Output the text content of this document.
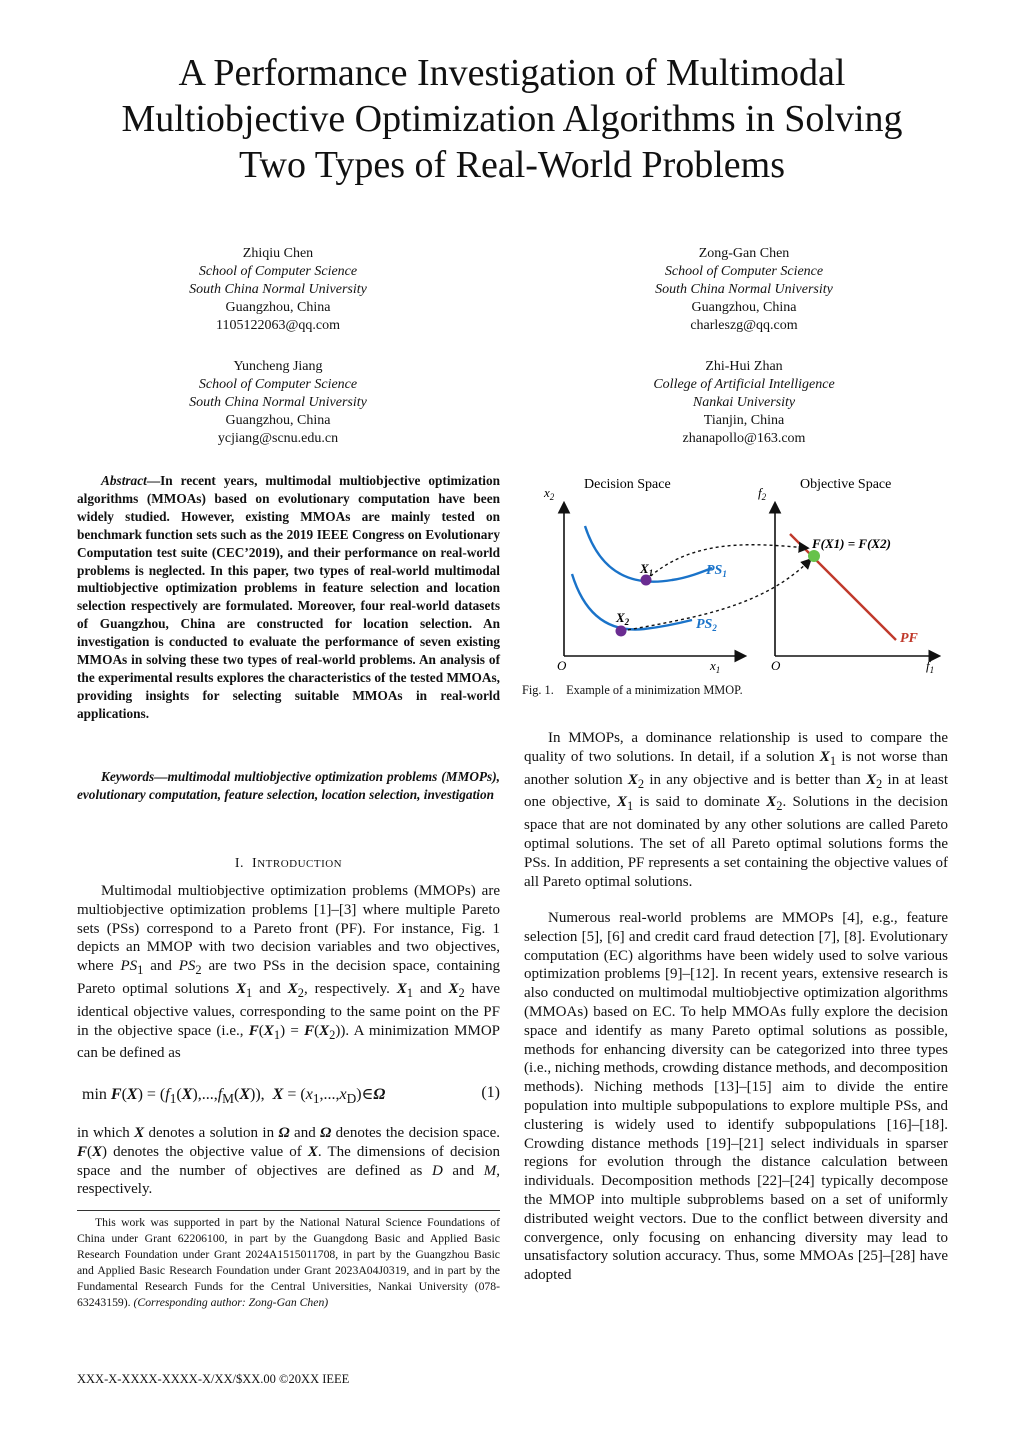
A Performance Investigation of Multimodal
Multiobjective Optimization Algorithms in Solving
Two Types of Real-World Problems
Zhiqiu Chen
School of Computer Science
South China Normal University
Guangzhou, China
1105122063@qq.com
Zong-Gan Chen
School of Computer Science
South China Normal University
Guangzhou, China
charleszg@qq.com
Yuncheng Jiang
School of Computer Science
South China Normal University
Guangzhou, China
ycjiang@scnu.edu.cn
Zhi-Hui Zhan
College of Artificial Intelligence
Nankai University
Tianjin, China
zhanapollo@163.com
Abstract—In recent years, multimodal multiobjective optimization algorithms (MMOAs) based on evolutionary computation have been widely studied. However, existing MMOAs are mainly tested on benchmark function sets such as the 2019 IEEE Congress on Evolutionary Computation test suite (CEC’2019), and their performance on real-world problems is neglected. In this paper, two types of real-world multimodal multiobjective optimization problems in feature selection and location selection respectively are formulated. Moreover, four real-world datasets of Guangzhou, China are constructed for location selection. An investigation is conducted to evaluate the performance of seven existing MMOAs in solving these two types of real-world problems. An analysis of the experimental results explores the characteristics of the tested MMOAs, providing insights for selecting suitable MMOAs in real-world applications.
Keywords—multimodal multiobjective optimization problems (MMOPs), evolutionary computation, feature selection, location selection, investigation
I. INTRODUCTION
Multimodal multiobjective optimization problems (MMOPs) are multiobjective optimization problems [1]–[3] where multiple Pareto sets (PSs) correspond to a Pareto front (PF). For instance, Fig. 1 depicts an MMOP with two decision variables and two objectives, where $PS_1$ and $PS_2$ are two PSs in the decision space, containing Pareto optimal solutions $X_1$ and $X_2$, respectively. $X_1$ and $X_2$ have identical objective values, corresponding to the same point on the PF in the objective space (i.e., $F(X_1) = F(X_2)$). A minimization MMOP can be defined as
$\min F(X) = (f_1(X),...,f_M(X))$,  $X = (x_1,...,x_D)\in\Omega$	(1)
in which X denotes a solution in Ω and Ω denotes the decision space. F(X) denotes the objective value of X. The dimensions of decision space and the number of objectives are defined as D and M, respectively.
This work was supported in part by the National Natural Science Foundations of China under Grant 62206100, in part by the Guangdong Basic and Applied Basic Research Foundation under Grant 2024A1515011708, in part by the Guangzhou Basic and Applied Basic Research Foundation under Grant 2023A04J0319, and in part by the Fundamental Research Funds for the Central Universities, Nankai University (078-63243159). (Corresponding author: Zong-Gan Chen)
XXX-X-XXXX-XXXX-X/XX/$XX.00 ©20XX IEEE
Decision Space	Objective Space
$x_2$
$x_1$
$f_2$
$f_1$
O	O
$X_1$
$X_2$
$PS_1$
$PS_2$
PF
F(X1) = F(X2)
Fig. 1. Example of a minimization MMOP.
In MMOPs, a dominance relationship is used to compare the quality of two solutions. In detail, if a solution $X_1$ is not worse than another solution $X_2$ in any objective and is better than $X_2$ in at least one objective, $X_1$ is said to dominate $X_2$. Solutions in the decision space that are not dominated by any other solutions are called Pareto optimal solutions. The set of all Pareto optimal solutions forms the PSs. In addition, PF represents a set containing the objective values of all Pareto optimal solutions.
Numerous real-world problems are MMOPs [4], e.g., feature selection [5], [6] and credit card fraud detection [7], [8]. Evolutionary computation (EC) algorithms have been widely used to solve various optimization problems [9]–[12]. In recent years, extensive research is also conducted on multimodal multiobjective optimization algorithms (MMOAs) based on EC. To help MMOAs fully explore the decision space and identify as many Pareto optimal solutions as possible, methods for enhancing diversity can be categorized into three types (i.e., niching methods, crowding distance methods, and decomposition methods). Niching methods [13]–[15] aim to divide the entire population into multiple subpopulations to explore multiple PSs, and clustering is widely used to identify subpopulations [16]–[18]. Crowding distance methods [19]–[21] select individuals in sparser regions for evolution through the distance calculation between individuals. Decomposition methods [22]–[24] typically decompose the MMOP into multiple subproblems based on a set of uniformly distributed weight vectors. Due to the conflict between diversity and convergence, only focusing on enhancing diversity may lead to unsatisfactory solution accuracy. Thus, some MMOAs [25]–[28] have adopted
